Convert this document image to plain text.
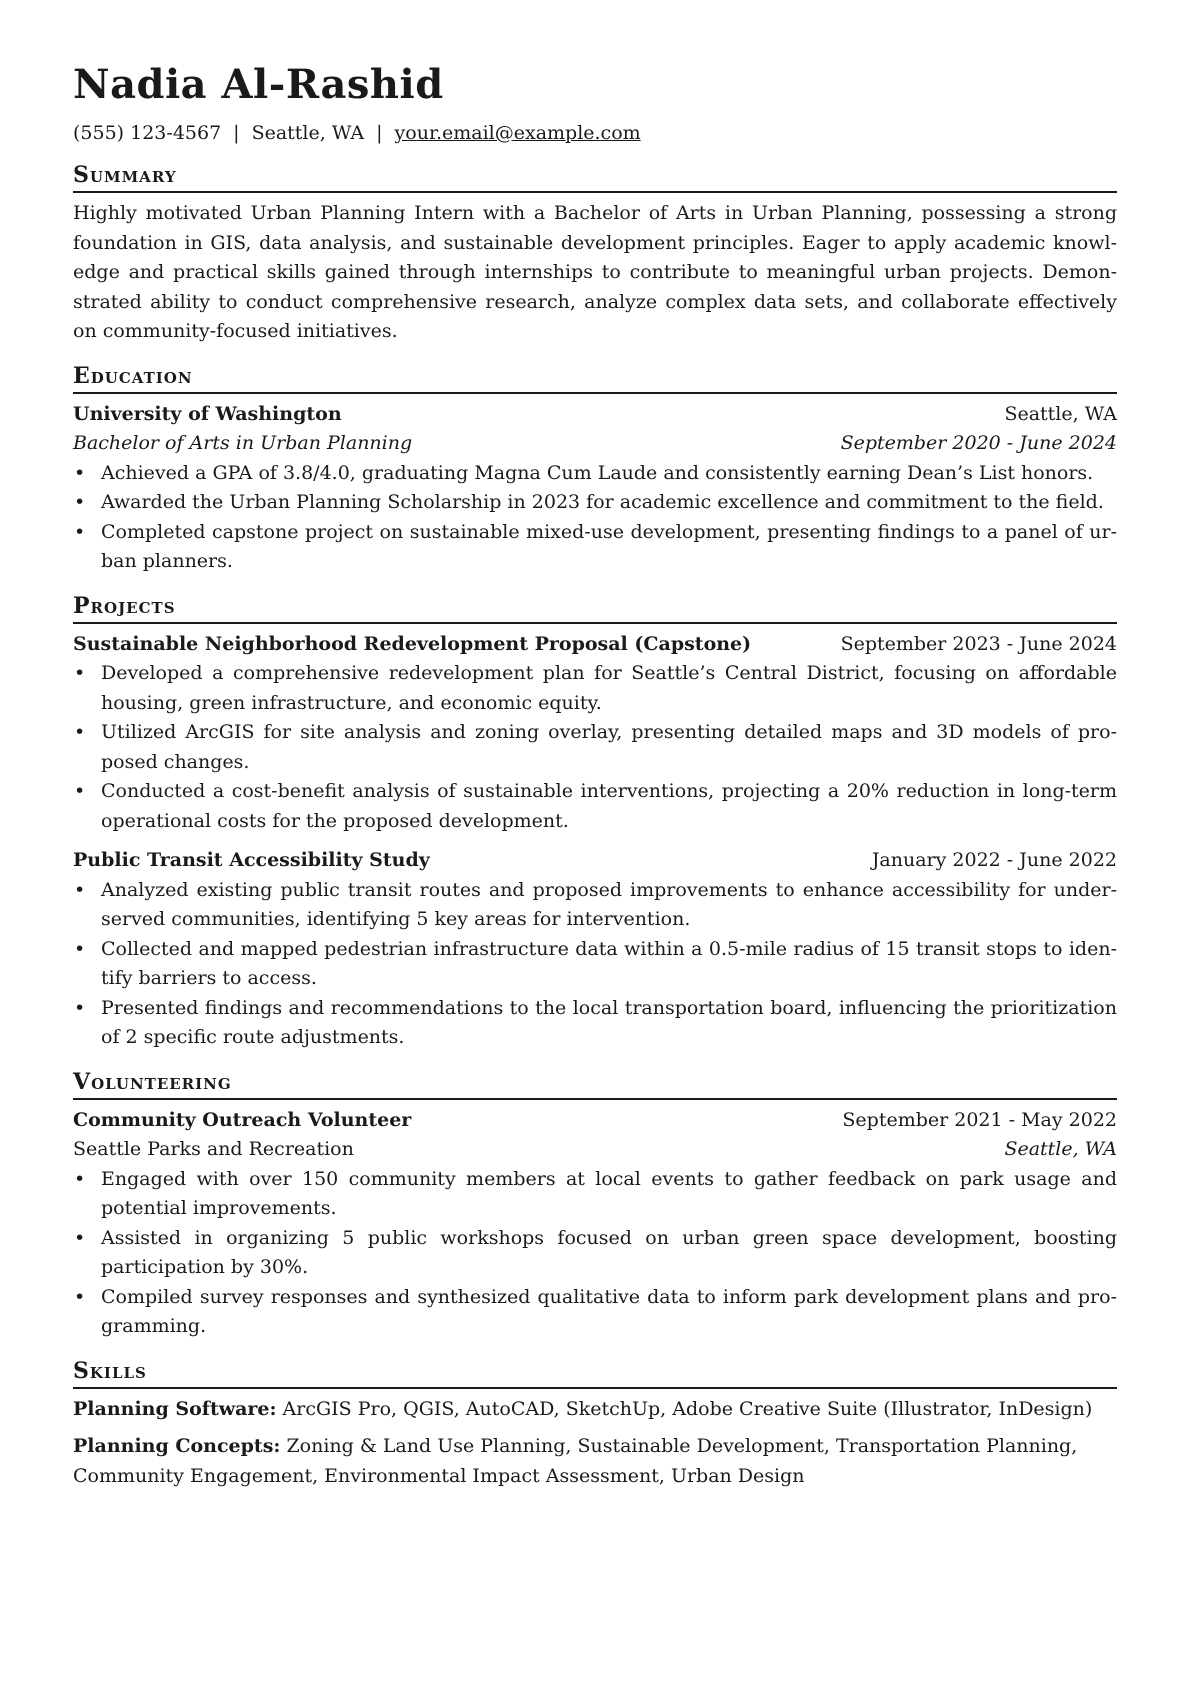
Nadia Al-Rashid
(555) 123-4567 | Seattle, WA | your.email@example.com
Summary

Highly motivated Urban Planning Intern with a Bachelor of Arts in Urban Planning, possessing a strong foundation in GIS, data analysis, and sustainable development principles. Eager to apply academic knowledge and practical skills gained through internships to contribute to meaningful urban projects. Demonstrated ability to conduct comprehensive research, analyze complex data sets, and collaborate effectively on community-focused initiatives.

Education
University of Washington	Seattle, WA
Bachelor of Arts in Urban Planning	September 2020 - June 2024
• Achieved a GPA of 3.8/4.0, graduating Magna Cum Laude and consistently earning Dean’s List honors.
• Awarded the Urban Planning Scholarship in 2023 for academic excellence and commitment to the field.
• Completed capstone project on sustainable mixed-use development, presenting findings to a panel of urban planners.
Projects
Sustainable Neighborhood Redevelopment Proposal (Capstone)	September 2023 - June 2024
• Developed a comprehensive redevelopment plan for Seattle’s Central District, focusing on affordable housing, green infrastructure, and economic equity.
• Utilized ArcGIS for site analysis and zoning overlay, presenting detailed maps and 3D models of proposed changes.
• Conducted a cost-benefit analysis of sustainable interventions, projecting a 20% reduction in long-term operational costs for the proposed development.
Public Transit Accessibility Study	January 2022 - June 2022
• Analyzed existing public transit routes and proposed improvements to enhance accessibility for underserved communities, identifying 5 key areas for intervention.
• Collected and mapped pedestrian infrastructure data within a 0.5-mile radius of 15 transit stops to identify barriers to access.
• Presented findings and recommendations to the local transportation board, influencing the prioritization of 2 specific route adjustments.
Volunteering
Community Outreach Volunteer	September 2021 - May 2022
Seattle Parks and Recreation	Seattle, WA
• Engaged with over 150 community members at local events to gather feedback on park usage and potential improvements.
• Assisted in organizing 5 public workshops focused on urban green space development, boosting participation by 30%.
• Compiled survey responses and synthesized qualitative data to inform park development plans and programming.
Skills

Planning Software: ArcGIS Pro, QGIS, AutoCAD, SketchUp, Adobe Creative Suite (Illustrator, InDesign)

Planning Concepts: Zoning & Land Use Planning, Sustainable Development, Transportation Planning, Community Engagement, Environmental Impact Assessment, Urban Design
